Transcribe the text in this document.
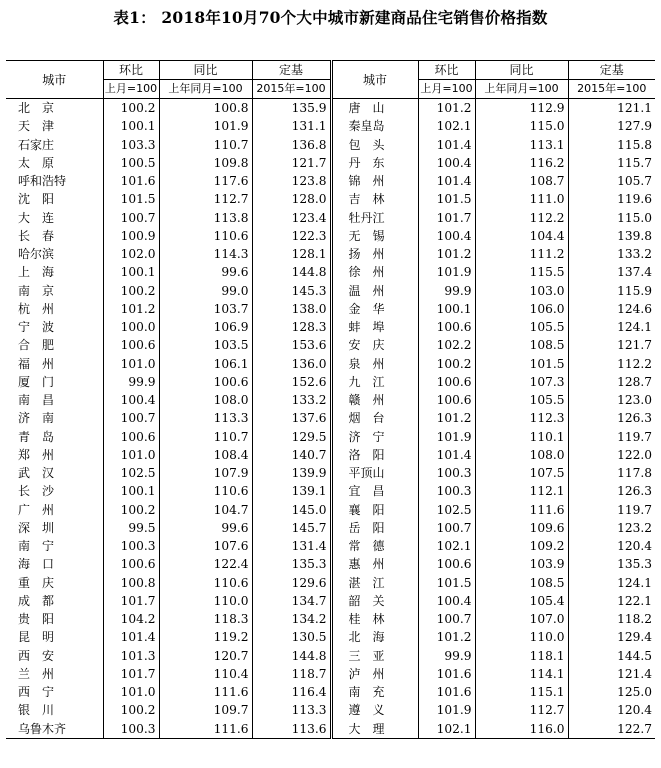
表1： 2018年10月70个大中城市新建商品住宅销售价格指数
城市	环比	同比	定基	城市	环比	同比	定基
	上月=100	上年同月=100	2015年=100		上月=100	上年同月=100	2015年=100
北　京	100.2	100.8	135.9	唐　山	101.2	112.9	121.1
天　津	100.1	101.9	131.1	秦皇岛	102.1	115.0	127.9
石家庄	103.3	110.7	136.8	包　头	101.4	113.1	115.8
太　原	100.5	109.8	121.7	丹　东	100.4	116.2	115.7
呼和浩特	101.6	117.6	123.8	锦　州	101.4	108.7	105.7
沈　阳	101.5	112.7	128.0	吉　林	101.5	111.0	119.6
大　连	100.7	113.8	123.4	牡丹江	101.7	112.2	115.0
长　春	100.9	110.6	122.3	无　锡	100.4	104.4	139.8
哈尔滨	102.0	114.3	128.1	扬　州	101.2	111.2	133.2
上　海	100.1	99.6	144.8	徐　州	101.9	115.5	137.4
南　京	100.2	99.0	145.3	温　州	99.9	103.0	115.9
杭　州	101.2	103.7	138.0	金　华	100.1	106.0	124.6
宁　波	100.0	106.9	128.3	蚌　埠	100.6	105.5	124.1
合　肥	100.6	103.5	153.6	安　庆	102.2	108.5	121.7
福　州	101.0	106.1	136.0	泉　州	100.2	101.5	112.2
厦　门	99.9	100.6	152.6	九　江	100.6	107.3	128.7
南　昌	100.4	108.0	133.2	赣　州	100.6	105.5	123.0
济　南	100.7	113.3	137.6	烟　台	101.2	112.3	126.3
青　岛	100.6	110.7	129.5	济　宁	101.9	110.1	119.7
郑　州	101.0	108.4	140.7	洛　阳	101.4	108.0	122.0
武　汉	102.5	107.9	139.9	平顶山	100.3	107.5	117.8
长　沙	100.1	110.6	139.1	宜　昌	100.3	112.1	126.3
广　州	100.2	104.7	145.0	襄　阳	102.5	111.6	119.7
深　圳	99.5	99.6	145.7	岳　阳	100.7	109.6	123.2
南　宁	100.3	107.6	131.4	常　德	102.1	109.2	120.4
海　口	100.6	122.4	135.3	惠　州	100.6	103.9	135.3
重　庆	100.8	110.6	129.6	湛　江	101.5	108.5	124.1
成　都	101.7	110.0	134.7	韶　关	100.4	105.4	122.1
贵　阳	104.2	118.3	134.2	桂　林	100.7	107.0	118.2
昆　明	101.4	119.2	130.5	北　海	101.2	110.0	129.4
西　安	101.3	120.7	144.8	三　亚	99.9	118.1	144.5
兰　州	101.7	110.4	118.7	泸　州	101.6	114.1	121.4
西　宁	101.0	111.6	116.4	南　充	101.6	115.1	125.0
银　川	100.2	109.7	113.3	遵　义	101.9	112.7	120.4
乌鲁木齐	100.3	111.6	113.6	大　理	102.1	116.0	122.7
